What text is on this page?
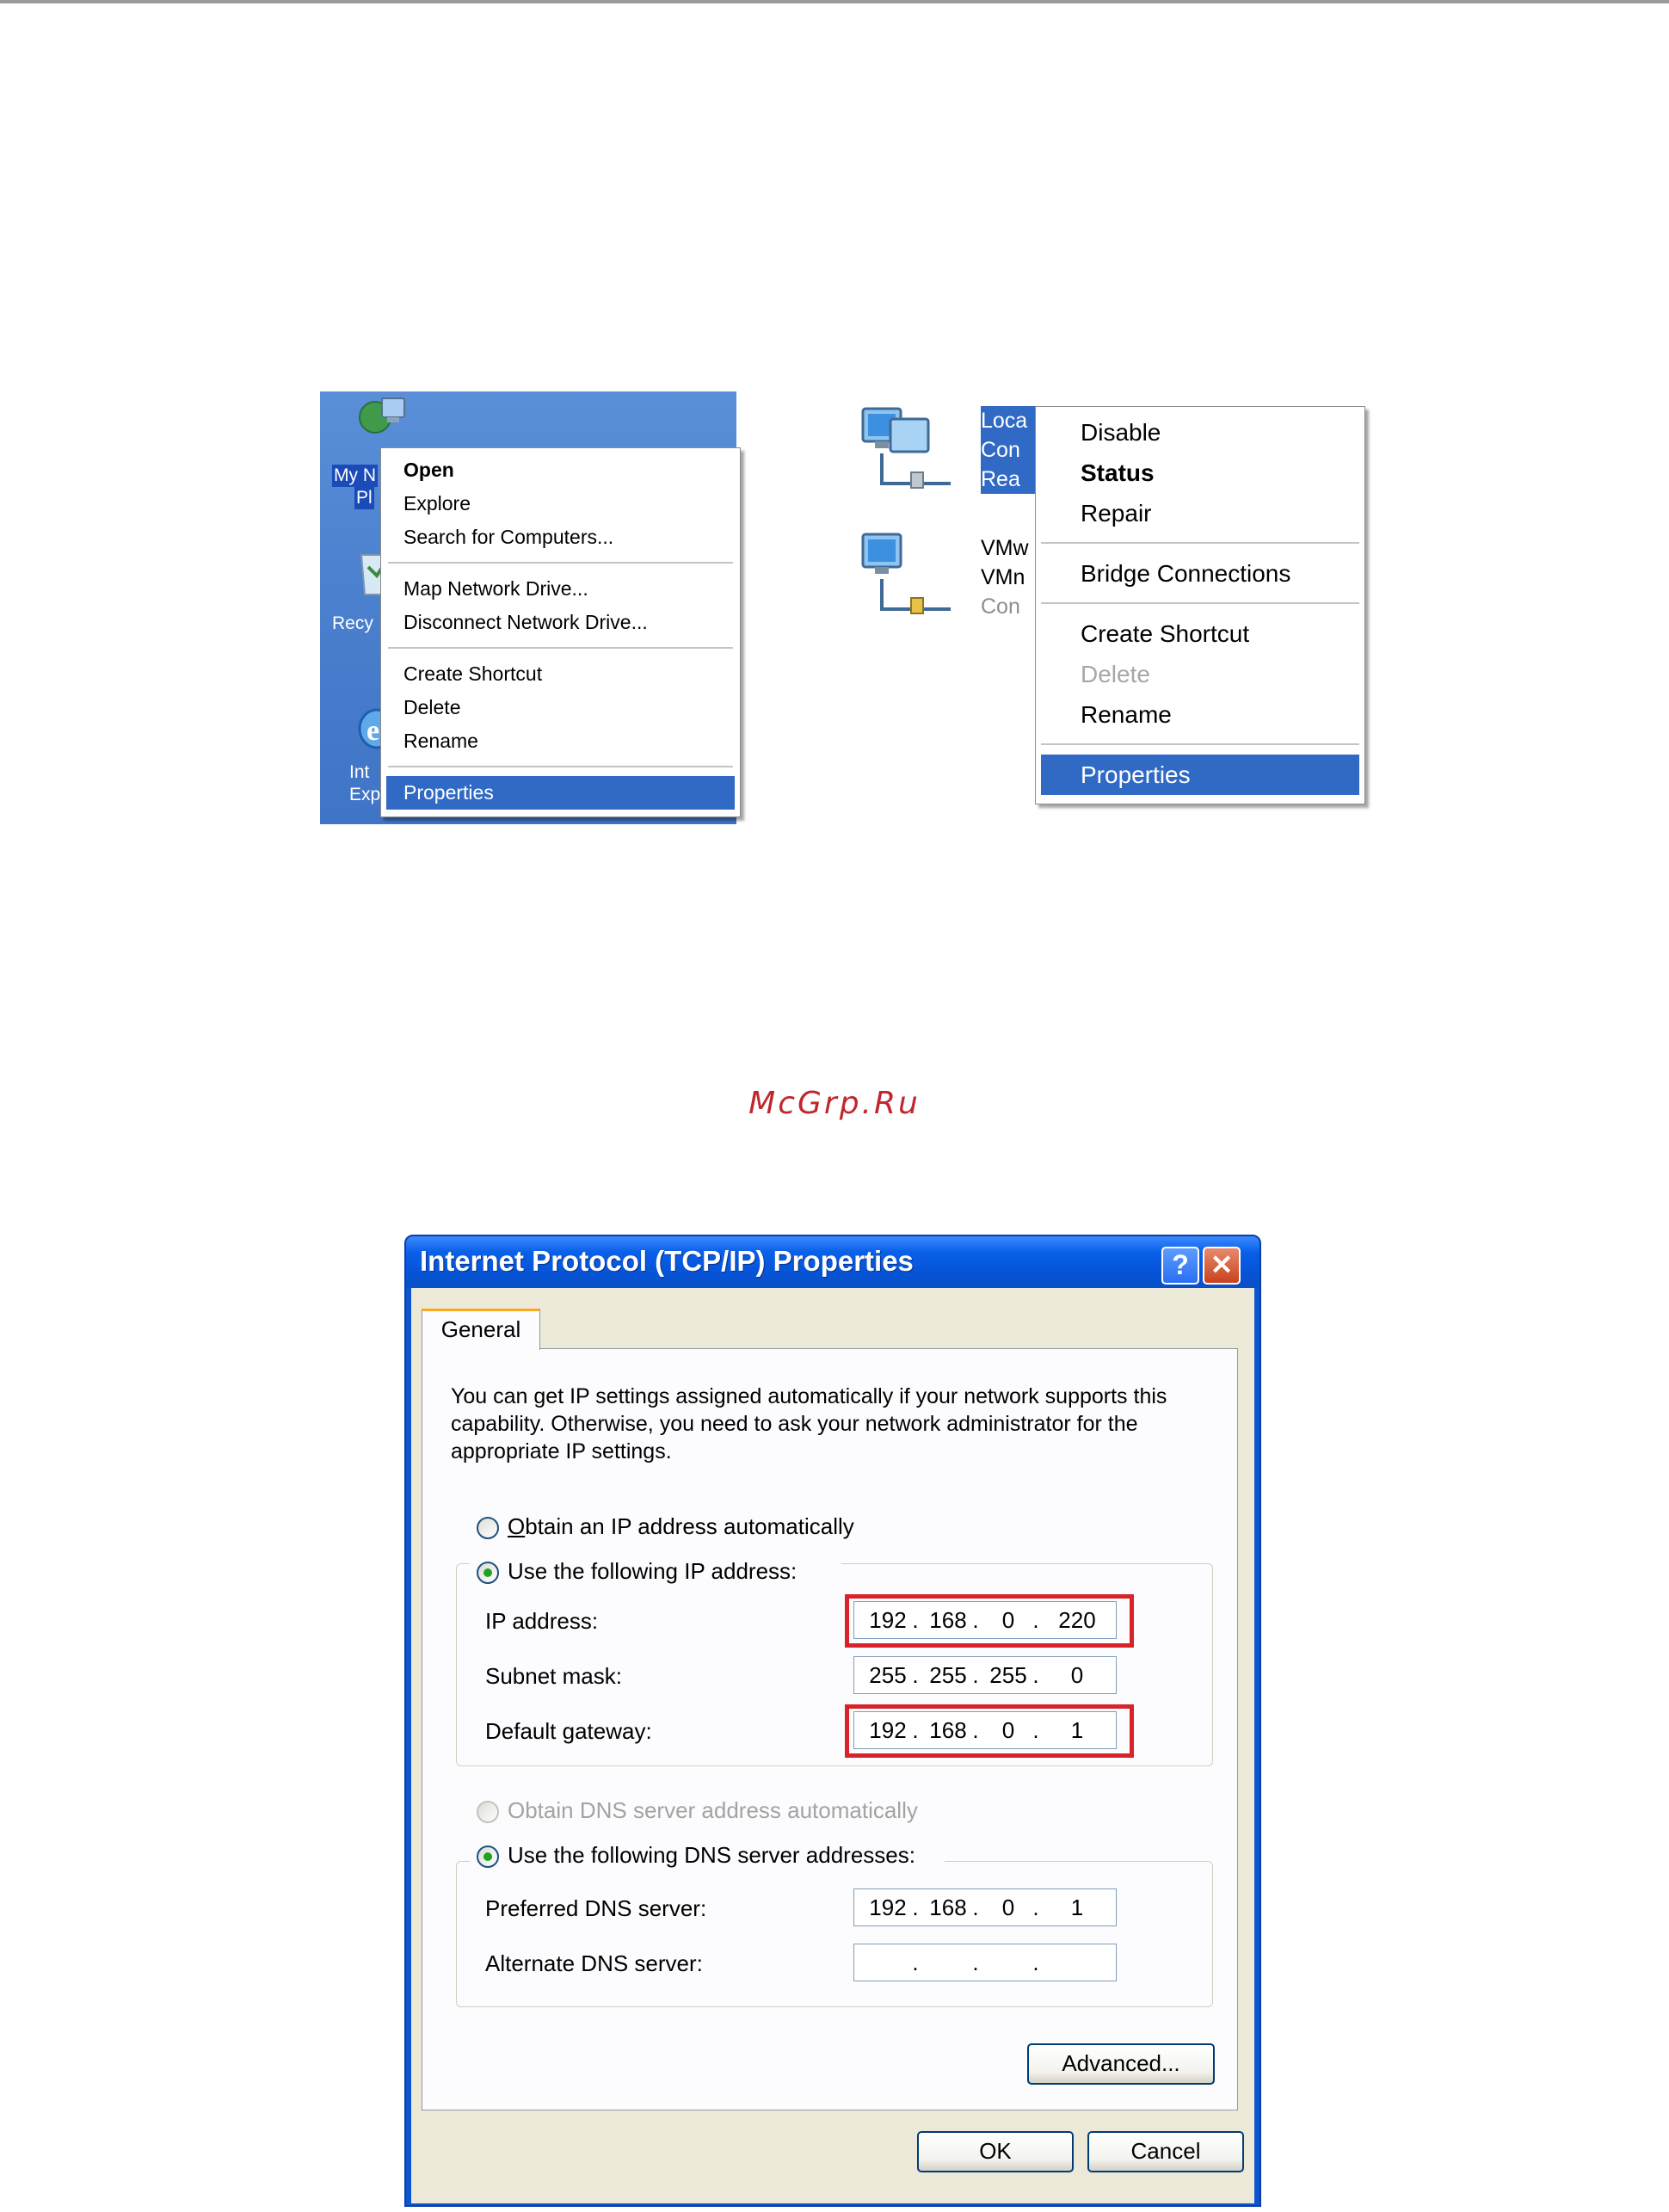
My N
Pl
Recy
e
Int
Exp
Open
Explore
Search for Computers...
Map Network Drive...
Disconnect Network Drive...
Create Shortcut
Delete
Rename
Properties
Loca
Con
Rea
VMw
VMn
Con
Disable
Status
Repair
Bridge Connections
Create Shortcut
Delete
Rename
Properties
McGrp.Ru
Internet Protocol (TCP/IP) Properties	? ✕
General
You can get IP settings assigned automatically if your network supports this capability. Otherwise, you need to ask your network administrator for the appropriate IP settings.
Obtain an IP address automatically
Use the following IP address:
IP address:	192 . 168 .	0 . 220
Subnet mask:	255 . 255 . 255 .	0
Default gateway:	192 . 168 .	0 .	1
Obtain DNS server address automatically
Use the following DNS server addresses:
Preferred DNS server:	192 . 168 .	0 .	1
Alternate DNS server:	. . .
Advanced...
OK	Cancel
